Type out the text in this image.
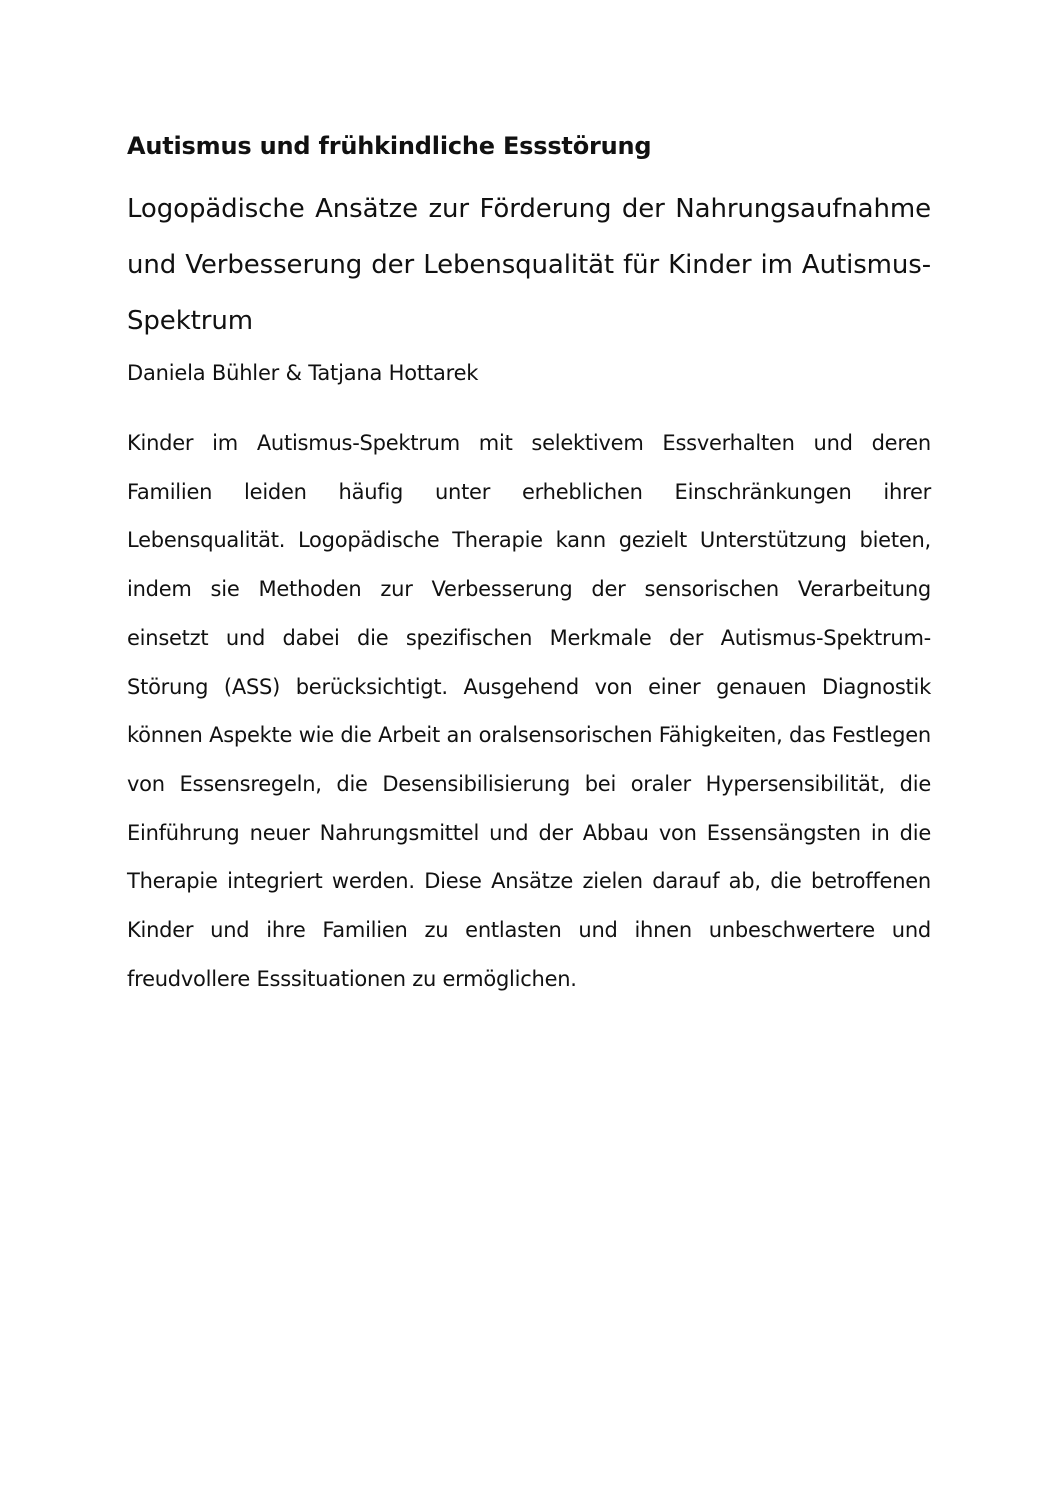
Autismus und frühkindliche Essstörung
Logopädische Ansätze zur Förderung der Nahrungsaufnahme und Verbesserung der Lebensqualität für Kinder im Autismus-Spektrum

Daniela Bühler & Tatjana Hottarek

Kinder im Autismus-Spektrum mit selektivem Essverhalten und deren Familien leiden häufig unter erheblichen Einschränkungen ihrer Lebensqualität. Logopädische Therapie kann gezielt Unterstützung bieten, indem sie Methoden zur Verbesserung der sensorischen Verarbeitung einsetzt und dabei die spezifischen Merkmale der Autismus-Spektrum-Störung (ASS) berücksichtigt. Ausgehend von einer genauen Diagnostik können Aspekte wie die Arbeit an oralsensorischen Fähigkeiten, das Festlegen von Essensregeln, die Desensibilisierung bei oraler Hypersensibilität, die Einführung neuer Nahrungsmittel und der Abbau von Essensängsten in die Therapie integriert werden. Diese Ansätze zielen darauf ab, die betroffenen Kinder und ihre Familien zu entlasten und ihnen unbeschwertere und freudvollere Esssituationen zu ermöglichen.
